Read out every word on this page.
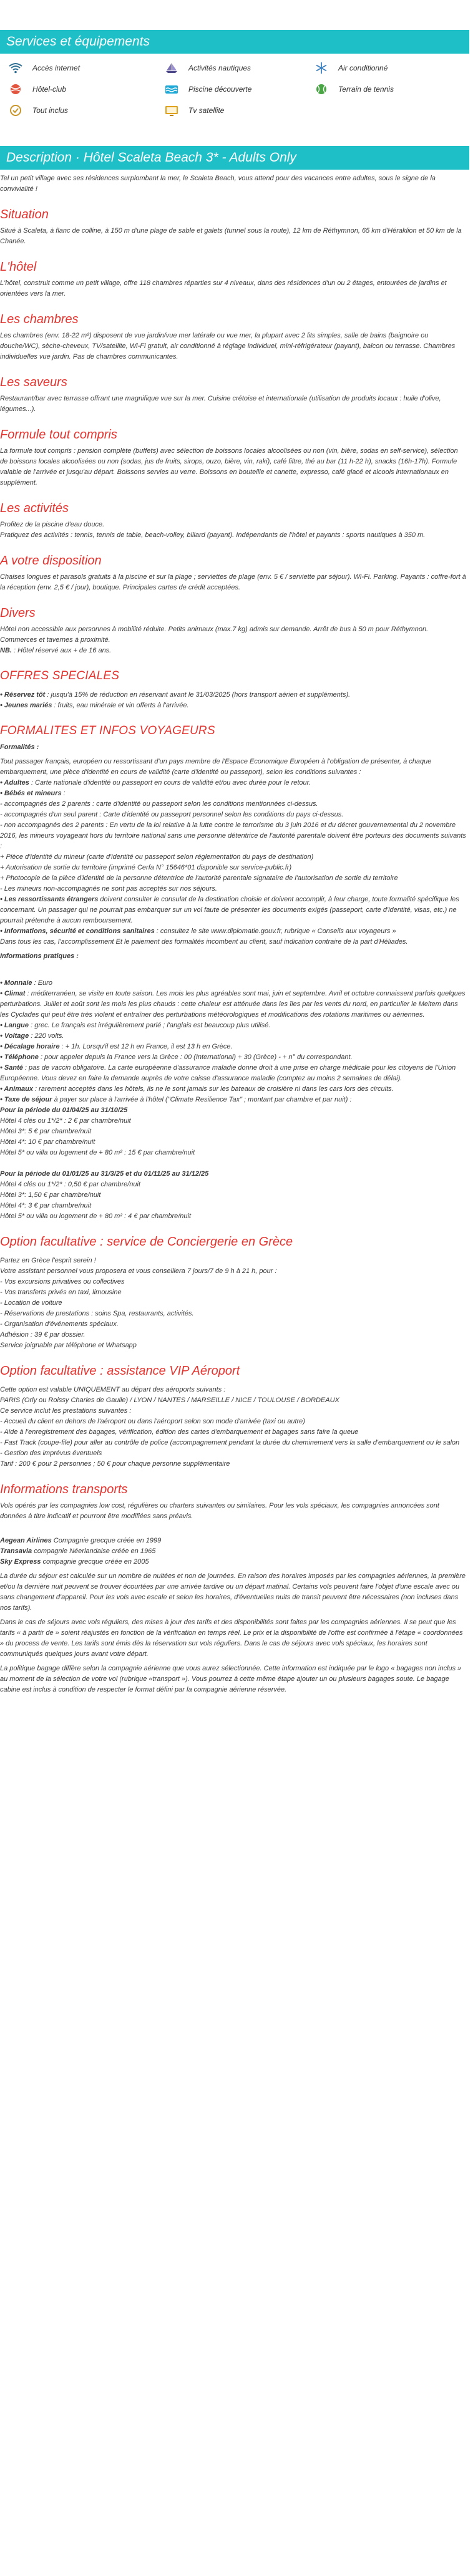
Services et équipements
Accès internet	Activités nautiques	Air conditionné
Hôtel-club	Piscine découverte	Terrain de tennis
Tout inclus	Tv satellite
Description · Hôtel Scaleta Beach 3* - Adults Only

Tel un petit village avec ses résidences surplombant la mer, le Scaleta Beach, vous attend pour des vacances entre adultes, sous le signe de la convivialité !

Situation

Situé à Scaleta, à flanc de colline, à 150 m d'une plage de sable et galets (tunnel sous la route), 12 km de Réthymnon, 65 km d'Héraklion et 50 km de la Chanée.

L'hôtel

L'hôtel, construit comme un petit village, offre 118 chambres réparties sur 4 niveaux, dans des résidences d'un ou 2 étages, entourées de jardins et orientées vers la mer.

Les chambres

Les chambres (env. 18-22 m²) disposent de vue jardin/vue mer latérale ou vue mer, la plupart avec 2 lits simples, salle de bains (baignoire ou douche/WC), sèche-cheveux, TV/satellite, Wi-Fi gratuit, air conditionné à réglage individuel, mini-réfrigérateur (payant), balcon ou terrasse. Chambres individuelles vue jardin. Pas de chambres communicantes.

Les saveurs

Restaurant/bar avec terrasse offrant une magnifique vue sur la mer. Cuisine crétoise et internationale (utilisation de produits locaux : huile d'olive, légumes...).

Formule tout compris

La formule tout compris : pension complète (buffets) avec sélection de boissons locales alcoolisées ou non (vin, bière, sodas en self-service), sélection de boissons locales alcoolisées ou non (sodas, jus de fruits, sirops, ouzo, bière, vin, raki), café filtre, thé au bar (11 h-22 h), snacks (16h-17h). Formule valable de l'arrivée et jusqu'au départ. Boissons servies au verre. Boissons en bouteille et canette, expresso, café glacé et alcools internationaux en supplément.

Les activités

Profitez de la piscine d'eau douce.

Pratiquez des activités : tennis, tennis de table, beach-volley, billard (payant). Indépendants de l'hôtel et payants : sports nautiques à 350 m.

A votre disposition

Chaises longues et parasols gratuits à la piscine et sur la plage ; serviettes de plage (env. 5 € / serviette par séjour). Wi-Fi. Parking. Payants : coffre-fort à la réception (env. 2,5 € / jour), boutique. Principales cartes de crédit acceptées.

Divers

Hôtel non accessible aux personnes à mobilité réduite. Petits animaux (max.7 kg) admis sur demande. Arrêt de bus à 50 m pour Réthymnon. Commerces et tavernes à proximité.

NB. : Hôtel réservé aux + de 16 ans.

OFFRES SPECIALES
• Réservez tôt : jusqu'à 15% de réduction en réservant avant le 31/03/2025 (hors transport aérien et suppléments).
• Jeunes mariés : fruits, eau minérale et vin offerts à l'arrivée.
FORMALITES ET INFOS VOYAGEURS

Formalités :

Tout passager français, européen ou ressortissant d'un pays membre de l'Espace Economique Européen à l'obligation de présenter, à chaque embarquement, une pièce d'identité en cours de validité (carte d'identité ou passeport), selon les conditions suivantes :

• Adultes : Carte nationale d'identité ou passeport en cours de validité et/ou avec durée pour le retour.
• Bébés et mineurs :
- accompagnés des 2 parents : carte d'identité ou passeport selon les conditions mentionnées ci-dessus.
- accompagnés d'un seul parent : Carte d'identité ou passeport personnel selon les conditions du pays ci-dessus.
- non accompagnés des 2 parents : En vertu de la loi relative à la lutte contre le terrorisme du 3 juin 2016 et du décret gouvernemental du 2 novembre 2016, les mineurs voyageant hors du territoire national sans une personne détentrice de l'autorité parentale doivent être porteurs des documents suivants :
+ Pièce d'identité du mineur (carte d'identité ou passeport selon réglementation du pays de destination)
+ Autorisation de sortie du territoire (imprimé Cerfa N° 15646*01 disponible sur service-public.fr)
+ Photocopie de la pièce d'identité de la personne détentrice de l'autorité parentale signataire de l'autorisation de sortie du territoire
- Les mineurs non-accompagnés ne sont pas acceptés sur nos séjours.
• Les ressortissants étrangers doivent consulter le consulat de la destination choisie et doivent accomplir, à leur charge, toute formalité spécifique les concernant. Un passager qui ne pourrait pas embarquer sur un vol faute de présenter les documents exigés (passeport, carte d'identité, visas, etc.) ne pourrait prétendre à aucun remboursement.
• Informations, sécurité et conditions sanitaires : consultez le site www.diplomatie.gouv.fr, rubrique « Conseils aux voyageurs »
Dans tous les cas, l'accomplissement Et le paiement des formalités incombent au client, sauf indication contraire de la part d'Héliades.

Informations pratiques :

• Monnaie : Euro
• Climat : méditerranéen, se visite en toute saison. Les mois les plus agréables sont mai, juin et septembre. Avril et octobre connaissent parfois quelques perturbations. Juillet et août sont les mois les plus chauds : cette chaleur est atténuée dans les îles par les vents du nord, en particulier le Meltem dans les Cyclades qui peut être très violent et entraîner des perturbations météorologiques et modifications des rotations maritimes ou aériennes.
• Langue : grec. Le français est irrégulièrement parlé ; l'anglais est beaucoup plus utilisé.
• Voltage : 220 volts.
• Décalage horaire : + 1h. Lorsqu'il est 12 h en France, il est 13 h en Grèce.
• Téléphone : pour appeler depuis la France vers la Grèce : 00 (International) + 30 (Grèce) - + n° du correspondant.
• Santé : pas de vaccin obligatoire. La carte européenne d'assurance maladie donne droit à une prise en charge médicale pour les citoyens de l'Union Européenne. Vous devez en faire la demande auprès de votre caisse d'assurance maladie (comptez au moins 2 semaines de délai).
• Animaux : rarement acceptés dans les hôtels, ils ne le sont jamais sur les bateaux de croisière ni dans les cars lors des circuits.
• Taxe de séjour à payer sur place à l'arrivée à l'hôtel ("Climate Resilience Tax" ; montant par chambre et par nuit) :
Pour la période du 01/04/25 au 31/10/25
Hôtel 4 clés ou 1*/2* : 2 € par chambre/nuit
Hôtel 3*: 5 € par chambre/nuit
Hôtel 4*: 10 € par chambre/nuit
Hôtel 5* ou villa ou logement de + 80 m² : 15 € par chambre/nuit
Pour la période du 01/01/25 au 31/3/25 et du 01/11/25 au 31/12/25
Hôtel 4 clés ou 1*/2* : 0,50 € par chambre/nuit
Hôtel 3*: 1,50 € par chambre/nuit
Hôtel 4*: 3 € par chambre/nuit
Hôtel 5* ou villa ou logement de + 80 m² : 4 € par chambre/nuit
Option facultative : service de Conciergerie en Grèce
Partez en Grèce l'esprit serein !
Votre assistant personnel vous proposera et vous conseillera 7 jours/7 de 9 h à 21 h, pour :
- Vos excursions privatives ou collectives
- Vos transferts privés en taxi, limousine
- Location de voiture
- Réservations de prestations : soins Spa, restaurants, activités.
- Organisation d'événements spéciaux.
Adhésion : 39 € par dossier.
Service joignable par téléphone et Whatsapp
Option facultative : assistance VIP Aéroport
Cette option est valable UNIQUEMENT au départ des aéroports suivants :
PARIS (Orly ou Roissy Charles de Gaulle) / LYON / NANTES / MARSEILLE / NICE / TOULOUSE / BORDEAUX
Ce service inclut les prestations suivantes :
- Accueil du client en dehors de l'aéroport ou dans l'aéroport selon son mode d'arrivée (taxi ou autre)
- Aide à l'enregistrement des bagages, vérification, édition des cartes d'embarquement et bagages sans faire la queue
- Fast Track (coupe-file) pour aller au contrôle de police (accompagnement pendant la durée du cheminement vers la salle d'embarquement ou le salon
- Gestion des imprévus éventuels
Tarif : 200 € pour 2 personnes ; 50 € pour chaque personne supplémentaire
Informations transports

Vols opérés par les compagnies low cost, régulières ou charters suivantes ou similaires. Pour les vols spéciaux, les compagnies annoncées sont données à titre indicatif et pourront être modifiées sans préavis.

Aegean Airlines Compagnie grecque créée en 1999
Transavia compagnie Néerlandaise créée en 1965
Sky Express compagnie grecque créée en 2005

La durée du séjour est calculée sur un nombre de nuitées et non de journées. En raison des horaires imposés par les compagnies aériennes, la première et/ou la dernière nuit peuvent se trouver écourtées par une arrivée tardive ou un départ matinal. Certains vols peuvent faire l'objet d'une escale avec ou sans changement d'appareil. Pour les vols avec escale et selon les horaires, d'éventuelles nuits de transit peuvent être nécessaires (non incluses dans nos tarifs).

Dans le cas de séjours avec vols réguliers, des mises à jour des tarifs et des disponibilités sont faites par les compagnies aériennes. Il se peut que les tarifs « à partir de » soient réajustés en fonction de la vérification en temps réel. Le prix et la disponibilité de l'offre est confirmée à l'étape « coordonnées » du process de vente. Les tarifs sont émis dès la réservation sur vols réguliers. Dans le cas de séjours avec vols spéciaux, les horaires sont communiqués quelques jours avant votre départ.

La politique bagage diffère selon la compagnie aérienne que vous aurez sélectionnée. Cette information est indiquée par le logo « bagages non inclus » au moment de la sélection de votre vol (rubrique «transport »). Vous pourrez à cette même étape ajouter un ou plusieurs bagages soute. Le bagage cabine est inclus à condition de respecter le format défini par la compagnie aérienne réservée.
